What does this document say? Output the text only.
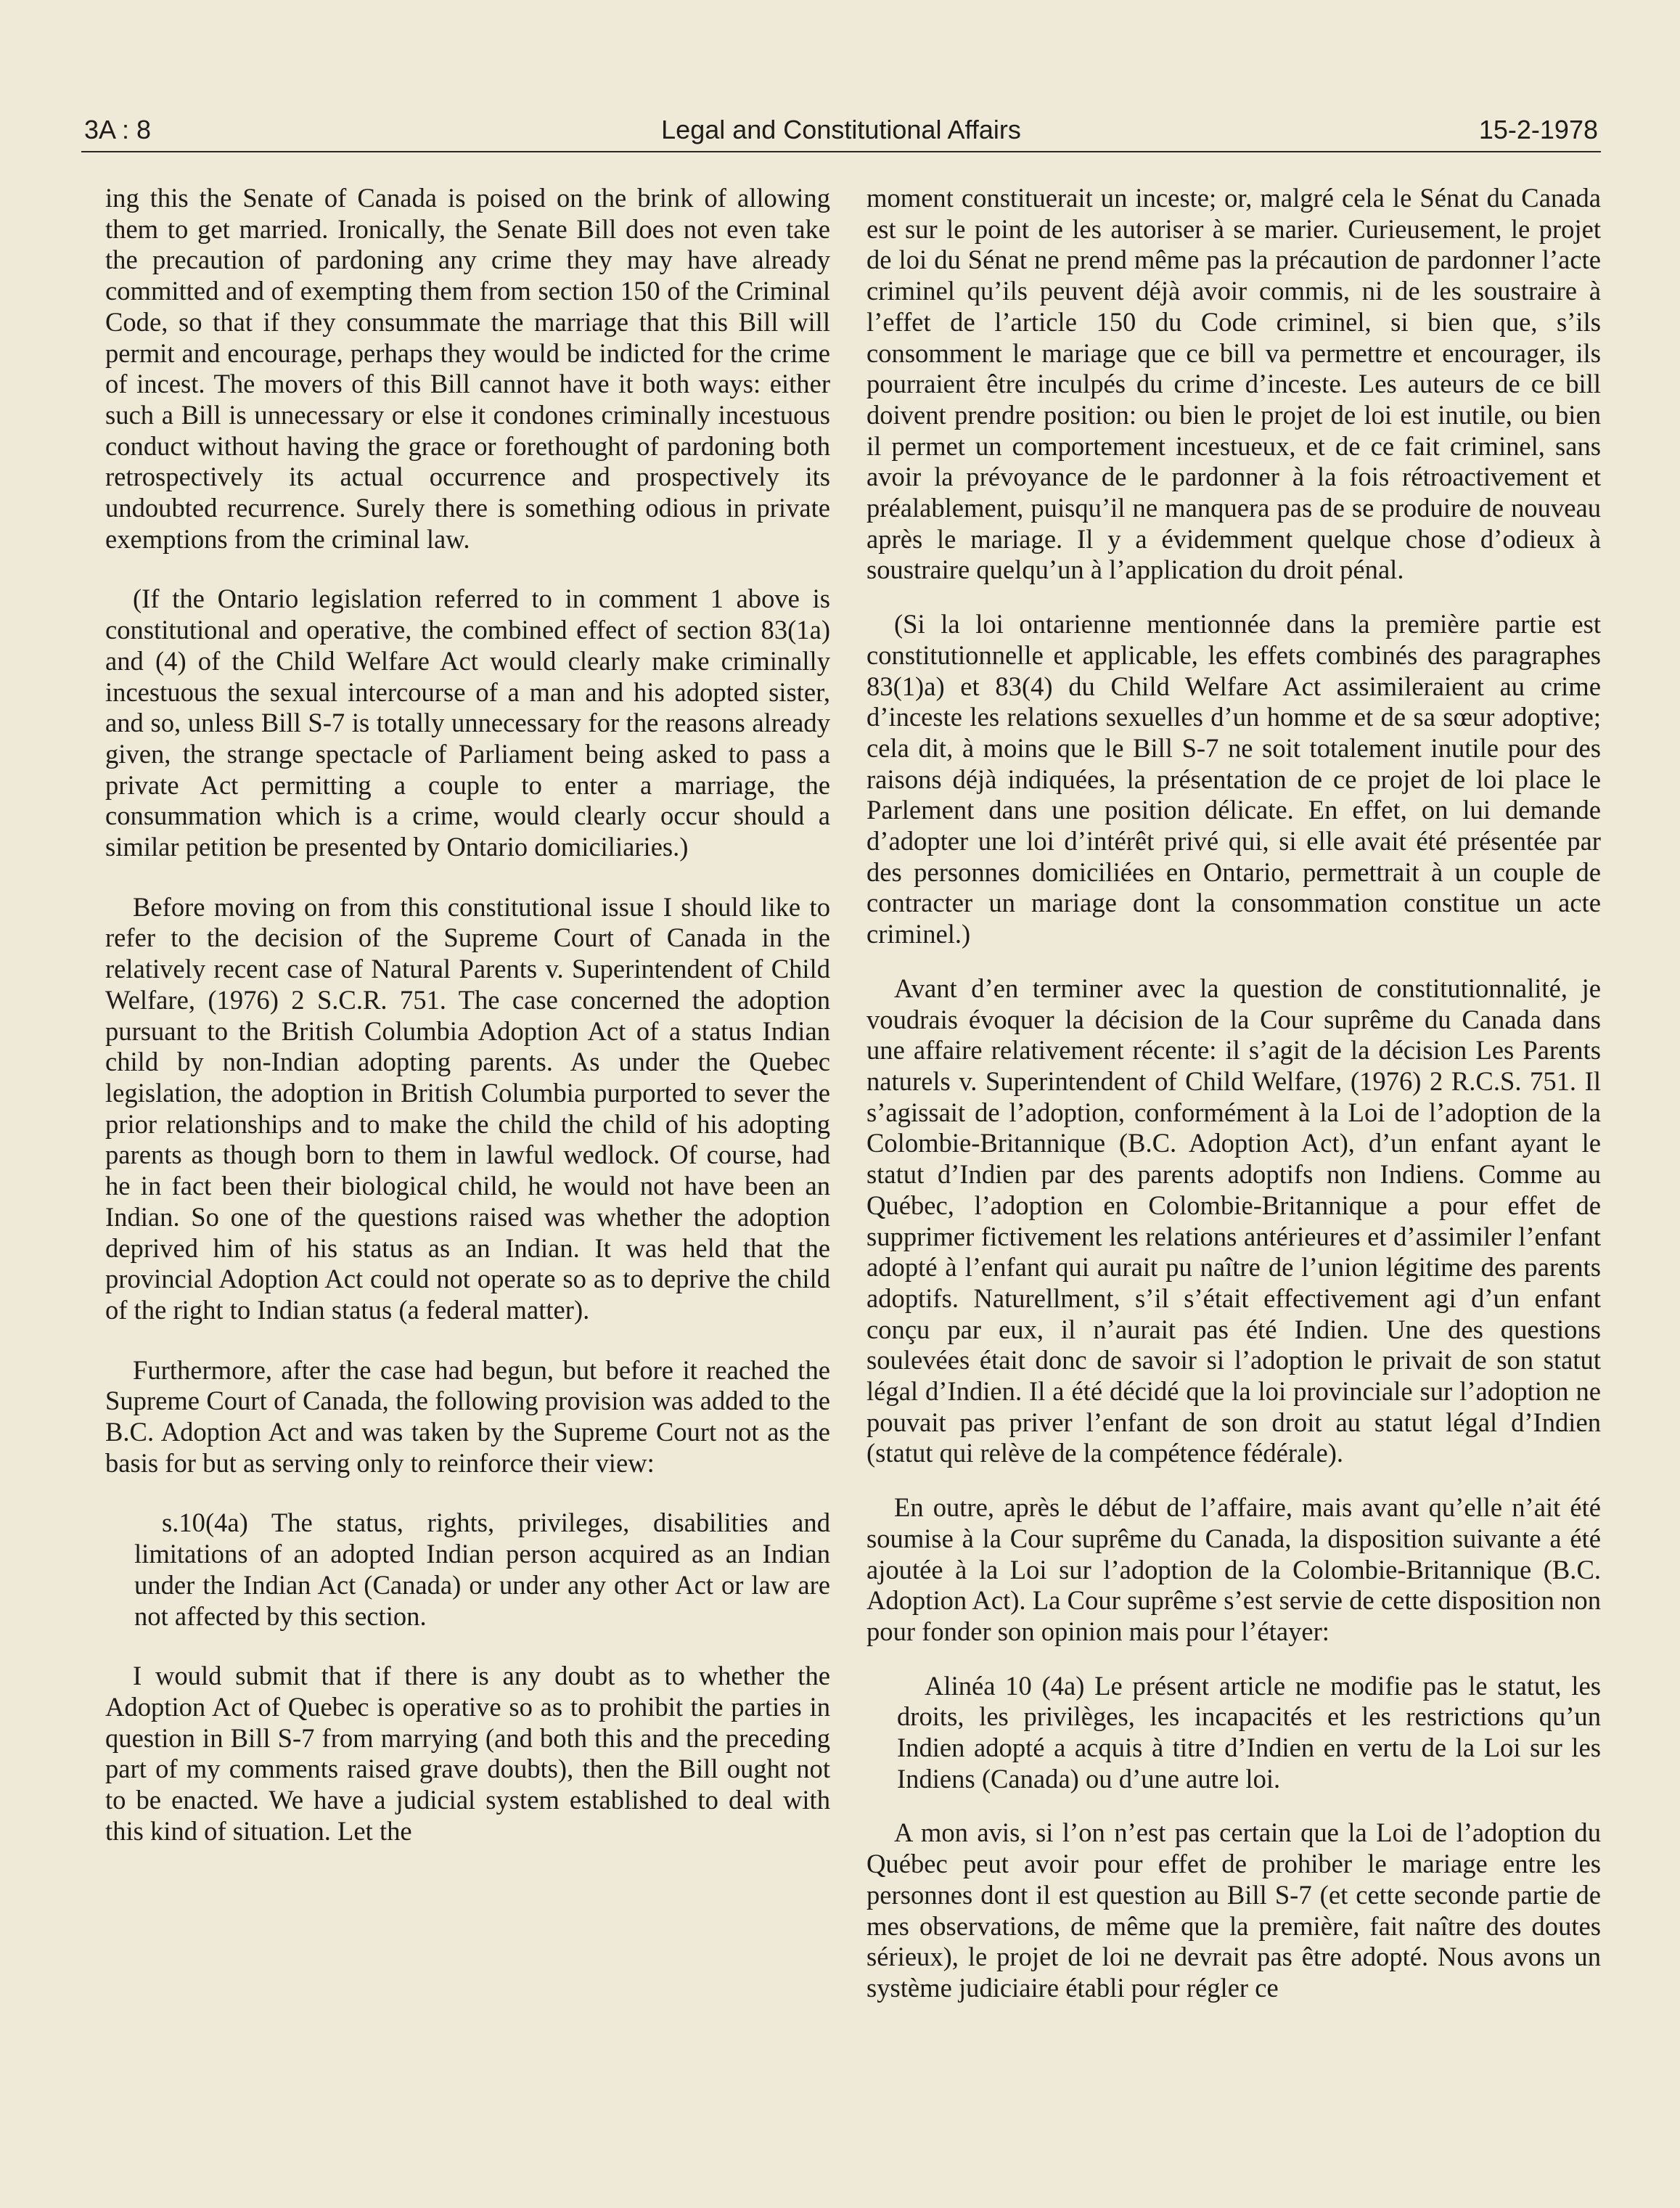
3A : 8	Legal and Constitutional Affairs	15-2-1978

ing this the Senate of Canada is poised on the brink of allowing them to get married. Ironically, the Senate Bill does not even take the precaution of pardoning any crime they may have already committed and of exempting them from section 150 of the Criminal Code, so that if they consummate the marriage that this Bill will permit and encourage, perhaps they would be indicted for the crime of incest. The movers of this Bill cannot have it both ways: either such a Bill is unnecessary or else it condones criminally incestuous conduct without having the grace or forethought of pardoning both retrospectively its actual occurrence and prospectively its undoubted recurrence. Surely there is something odious in private exemptions from the criminal law.

(If the Ontario legislation referred to in comment 1 above is constitutional and operative, the combined effect of section 83(1a) and (4) of the Child Welfare Act would clearly make criminally incestuous the sexual intercourse of a man and his adopted sister, and so, unless Bill S-7 is totally unnecessary for the reasons already given, the strange spectacle of Parliament being asked to pass a private Act permitting a couple to enter a marriage, the consummation which is a crime, would clearly occur should a similar petition be presented by Ontario domiciliaries.)

Before moving on from this constitutional issue I should like to refer to the decision of the Supreme Court of Canada in the relatively recent case of Natural Parents v. Superintendent of Child Welfare, (1976) 2 S.C.R. 751. The case concerned the adoption pursuant to the British Columbia Adoption Act of a status Indian child by non-Indian adopting parents. As under the Quebec legislation, the adoption in British Columbia purported to sever the prior relationships and to make the child the child of his adopting parents as though born to them in lawful wedlock. Of course, had he in fact been their biological child, he would not have been an Indian. So one of the questions raised was whether the adoption deprived him of his status as an Indian. It was held that the provincial Adoption Act could not operate so as to deprive the child of the right to Indian status (a federal matter).

Furthermore, after the case had begun, but before it reached the Supreme Court of Canada, the following provision was added to the B.C. Adoption Act and was taken by the Supreme Court not as the basis for but as serving only to reinforce their view:

s.10(4a) The status, rights, privileges, disabilities and limitations of an adopted Indian person acquired as an Indian under the Indian Act (Canada) or under any other Act or law are not affected by this section.

I would submit that if there is any doubt as to whether the Adoption Act of Quebec is operative so as to prohibit the parties in question in Bill S-7 from marrying (and both this and the preceding part of my comments raised grave doubts), then the Bill ought not to be enacted. We have a judicial system established to deal with this kind of situation. Let the

moment constituerait un inceste; or, malgré cela le Sénat du Canada est sur le point de les autoriser à se marier. Curieusement, le projet de loi du Sénat ne prend même pas la précaution de pardonner l’acte criminel qu’ils peuvent déjà avoir commis, ni de les soustraire à l’effet de l’article 150 du Code criminel, si bien que, s’ils consomment le mariage que ce bill va permettre et encourager, ils pourraient être inculpés du crime d’inceste. Les auteurs de ce bill doivent prendre position: ou bien le projet de loi est inutile, ou bien il permet un comportement incestueux, et de ce fait criminel, sans avoir la prévoyance de le pardonner à la fois rétroactivement et préalablement, puisqu’il ne manquera pas de se produire de nouveau après le mariage. Il y a évidemment quelque chose d’odieux à soustraire quelqu’un à l’application du droit pénal.

(Si la loi ontarienne mentionnée dans la première partie est constitutionnelle et applicable, les effets combinés des paragraphes 83(1)a) et 83(4) du Child Welfare Act assimileraient au crime d’inceste les relations sexuelles d’un homme et de sa sœur adoptive; cela dit, à moins que le Bill S-7 ne soit totalement inutile pour des raisons déjà indiquées, la présentation de ce projet de loi place le Parlement dans une position délicate. En effet, on lui demande d’adopter une loi d’intérêt privé qui, si elle avait été présentée par des personnes domiciliées en Ontario, permettrait à un couple de contracter un mariage dont la consommation constitue un acte criminel.)

Avant d’en terminer avec la question de constitutionnalité, je voudrais évoquer la décision de la Cour suprême du Canada dans une affaire relativement récente: il s’agit de la décision Les Parents naturels v. Superintendent of Child Welfare, (1976) 2 R.C.S. 751. Il s’agissait de l’adoption, conformément à la Loi de l’adoption de la Colombie-Britannique (B.C. Adoption Act), d’un enfant ayant le statut d’Indien par des parents adoptifs non Indiens. Comme au Québec, l’adoption en Colombie-Britannique a pour effet de supprimer fictivement les relations antérieures et d’assimiler l’enfant adopté à l’enfant qui aurait pu naître de l’union légitime des parents adoptifs. Naturellment, s’il s’était effectivement agi d’un enfant conçu par eux, il n’aurait pas été Indien. Une des questions soulevées était donc de savoir si l’adoption le privait de son statut légal d’Indien. Il a été décidé que la loi provinciale sur l’adoption ne pouvait pas priver l’enfant de son droit au statut légal d’Indien (statut qui relève de la compétence fédérale).

En outre, après le début de l’affaire, mais avant qu’elle n’ait été soumise à la Cour suprême du Canada, la disposition suivante a été ajoutée à la Loi sur l’adoption de la Colombie-Britannique (B.C. Adoption Act). La Cour suprême s’est servie de cette disposition non pour fonder son opinion mais pour l’étayer:

Alinéa 10 (4a) Le présent article ne modifie pas le statut, les droits, les privilèges, les incapacités et les restrictions qu’un Indien adopté a acquis à titre d’Indien en vertu de la Loi sur les Indiens (Canada) ou d’une autre loi.

A mon avis, si l’on n’est pas certain que la Loi de l’adoption du Québec peut avoir pour effet de prohiber le mariage entre les personnes dont il est question au Bill S-7 (et cette seconde partie de mes observations, de même que la première, fait naître des doutes sérieux), le projet de loi ne devrait pas être adopté. Nous avons un système judiciaire établi pour régler ce
